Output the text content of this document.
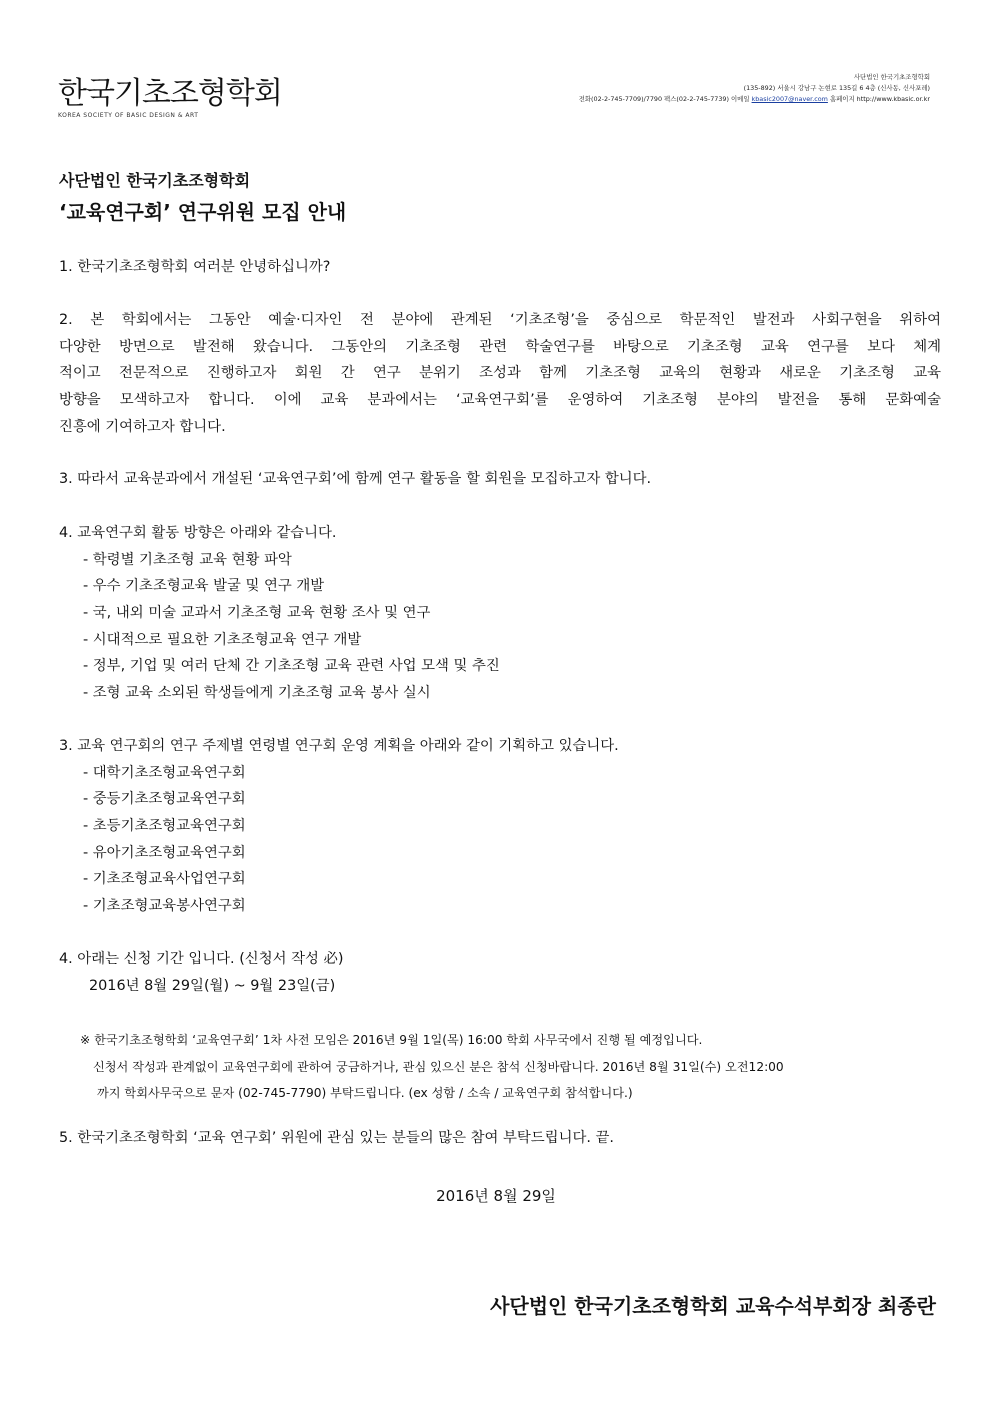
한국기초조형학회
KOREA SOCIETY OF BASIC DESIGN & ART
사단법인 한국기초조형학회
(135-892) 서울시 강남구 논현로 135길 6 4층 (신사동, 신사포레)
전화(02-2-745-7709)/7790 팩스(02-2-745-7739) 이메일 kbasic2007@naver.com 홈페이지 http://www.kbasic.or.kr
사단법인 한국기초조형학회
‘교육연구회’ 연구위원 모집 안내
1. 한국기초조형학회 여러분 안녕하십니까?
2. 본 학회에서는 그동안 예술·디자인 전 분야에 관계된 ‘기초조형’을 중심으로 학문적인 발전과 사회구현을 위하여
다양한 방면으로 발전해 왔습니다. 그동안의 기초조형 관련 학술연구를 바탕으로 기초조형 교육 연구를 보다 체계
적이고 전문적으로 진행하고자 회원 간 연구 분위기 조성과 함께 기초조형 교육의 현황과 새로운 기초조형 교육
방향을 모색하고자 합니다. 이에 교육 분과에서는 ‘교육연구회’를 운영하여 기초조형 분야의 발전을 통해 문화예술
진흥에 기여하고자 합니다.
3. 따라서 교육분과에서 개설된 ‘교육연구회’에 함께 연구 활동을 할 회원을 모집하고자 합니다.
4. 교육연구회 활동 방향은 아래와 같습니다.
- 학령별 기초조형 교육 현황 파악
- 우수 기초조형교육 발굴 및 연구 개발
- 국, 내외 미술 교과서 기초조형 교육 현황 조사 및 연구
- 시대적으로 필요한 기초조형교육 연구 개발
- 정부, 기업 및 여러 단체 간 기초조형 교육 관련 사업 모색 및 추진
- 조형 교육 소외된 학생들에게 기초조형 교육 봉사 실시
3. 교육 연구회의 연구 주제별 연령별 연구회 운영 계획을 아래와 같이 기획하고 있습니다.
- 대학기초조형교육연구회
- 중등기초조형교육연구회
- 초등기초조형교육연구회
- 유아기초조형교육연구회
- 기초조형교육사업연구회
- 기초조형교육봉사연구회
4. 아래는 신청 기간 입니다. (신청서 작성 必)
2016년 8월 29일(월) ~ 9월 23일(금)
※ 한국기초조형학회 ‘교육연구회’ 1차 사전 모임은 2016년 9월 1일(목) 16:00 학회 사무국에서 진행 될 예정입니다.
신청서 작성과 관계없이 교육연구회에 관하여 궁금하거나, 관심 있으신 분은 참석 신청바랍니다. 2016년 8월 31일(수) 오전12:00
까지 학회사무국으로 문자 (02-745-7790) 부탁드립니다. (ex 성함 / 소속 / 교육연구회 참석합니다.)
5. 한국기초조형학회 ‘교육 연구회’ 위원에 관심 있는 분들의 많은 참여 부탁드립니다. 끝.
2016년 8월 29일
사단법인 한국기초조형학회 교육수석부회장 최종란
